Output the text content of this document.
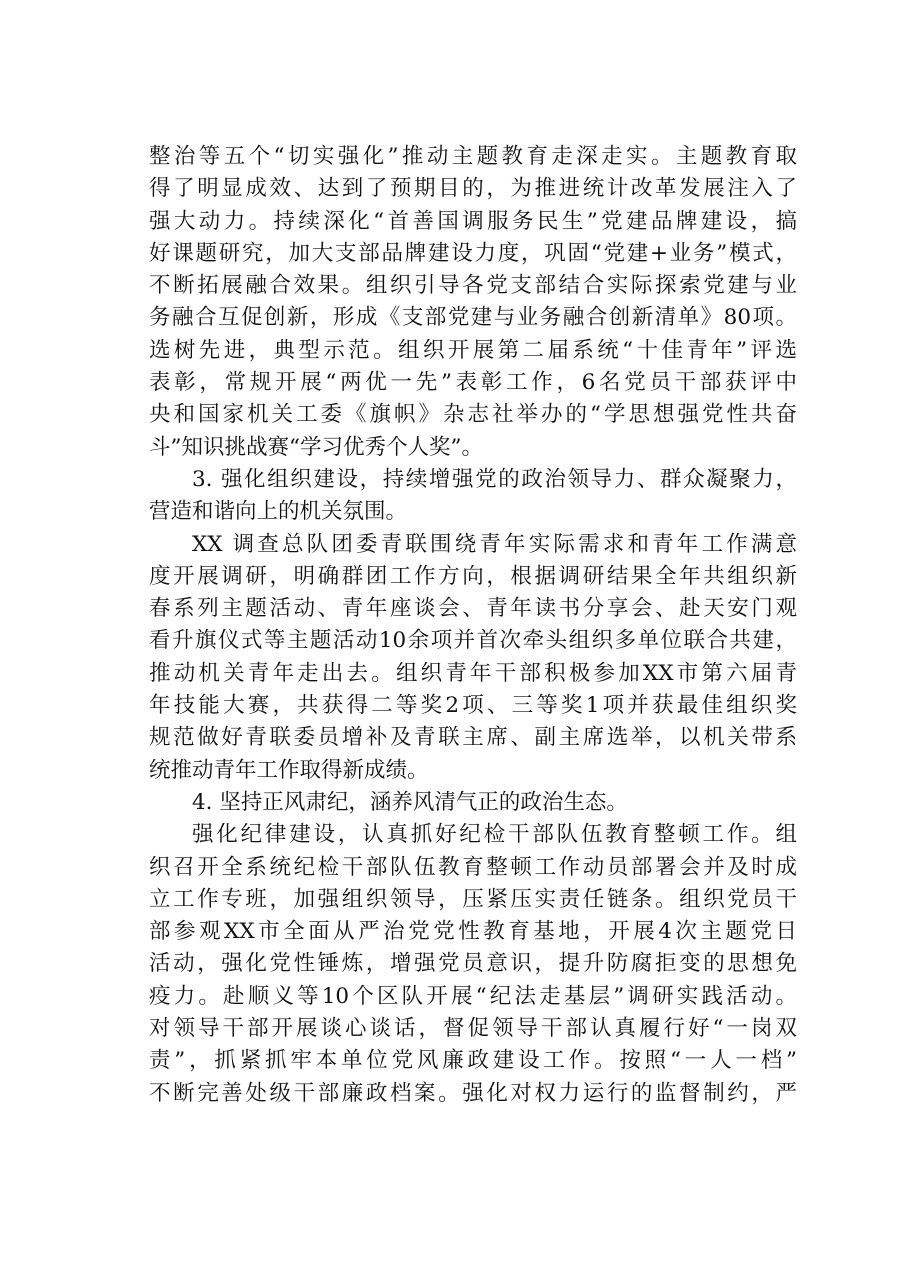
整治等五个“切实强化”推动主题教育走深走实。主题教育取
得了明显成效、达到了预期目的，为推进统计改革发展注入了
强大动力。持续深化“首善国调服务民生”党建品牌建设，搞
好课题研究，加大支部品牌建设力度，巩固“党建+业务”模式，
不断拓展融合效果。组织引导各党支部结合实际探索党建与业
务融合互促创新，形成《支部党建与业务融合创新清单》80项。
选树先进，典型示范。组织开展第二届系统“十佳青年”评选
表彰，常规开展“两优一先”表彰工作，6名党员干部获评中
央和国家机关工委《旗帜》杂志社举办的“学思想强党性共奋
斗”知识挑战赛“学习优秀个人奖”。
3. 强化组织建设，持续增强党的政治领导力、群众凝聚力，
营造和谐向上的机关氛围。
XX 调查总队团委青联围绕青年实际需求和青年工作满意
度开展调研，明确群团工作方向，根据调研结果全年共组织新
春系列主题活动、青年座谈会、青年读书分享会、赴天安门观
看升旗仪式等主题活动10余项并首次牵头组织多单位联合共建，
推动机关青年走出去。组织青年干部积极参加XX市第六届青
年技能大赛，共获得二等奖2项、三等奖1项并获最佳组织奖
规范做好青联委员增补及青联主席、副主席选举，以机关带系
统推动青年工作取得新成绩。
4. 坚持正风肃纪，涵养风清气正的政治生态。
强化纪律建设，认真抓好纪检干部队伍教育整顿工作。组
织召开全系统纪检干部队伍教育整顿工作动员部署会并及时成
立工作专班，加强组织领导，压紧压实责任链条。组织党员干
部参观XX市全面从严治党党性教育基地，开展4次主题党日
活动，强化党性锤炼，增强党员意识，提升防腐拒变的思想免
疫力。赴顺义等10个区队开展“纪法走基层”调研实践活动。
对领导干部开展谈心谈话，督促领导干部认真履行好“一岗双
责”，抓紧抓牢本单位党风廉政建设工作。按照“一人一档”
不断完善处级干部廉政档案。强化对权力运行的监督制约，严
